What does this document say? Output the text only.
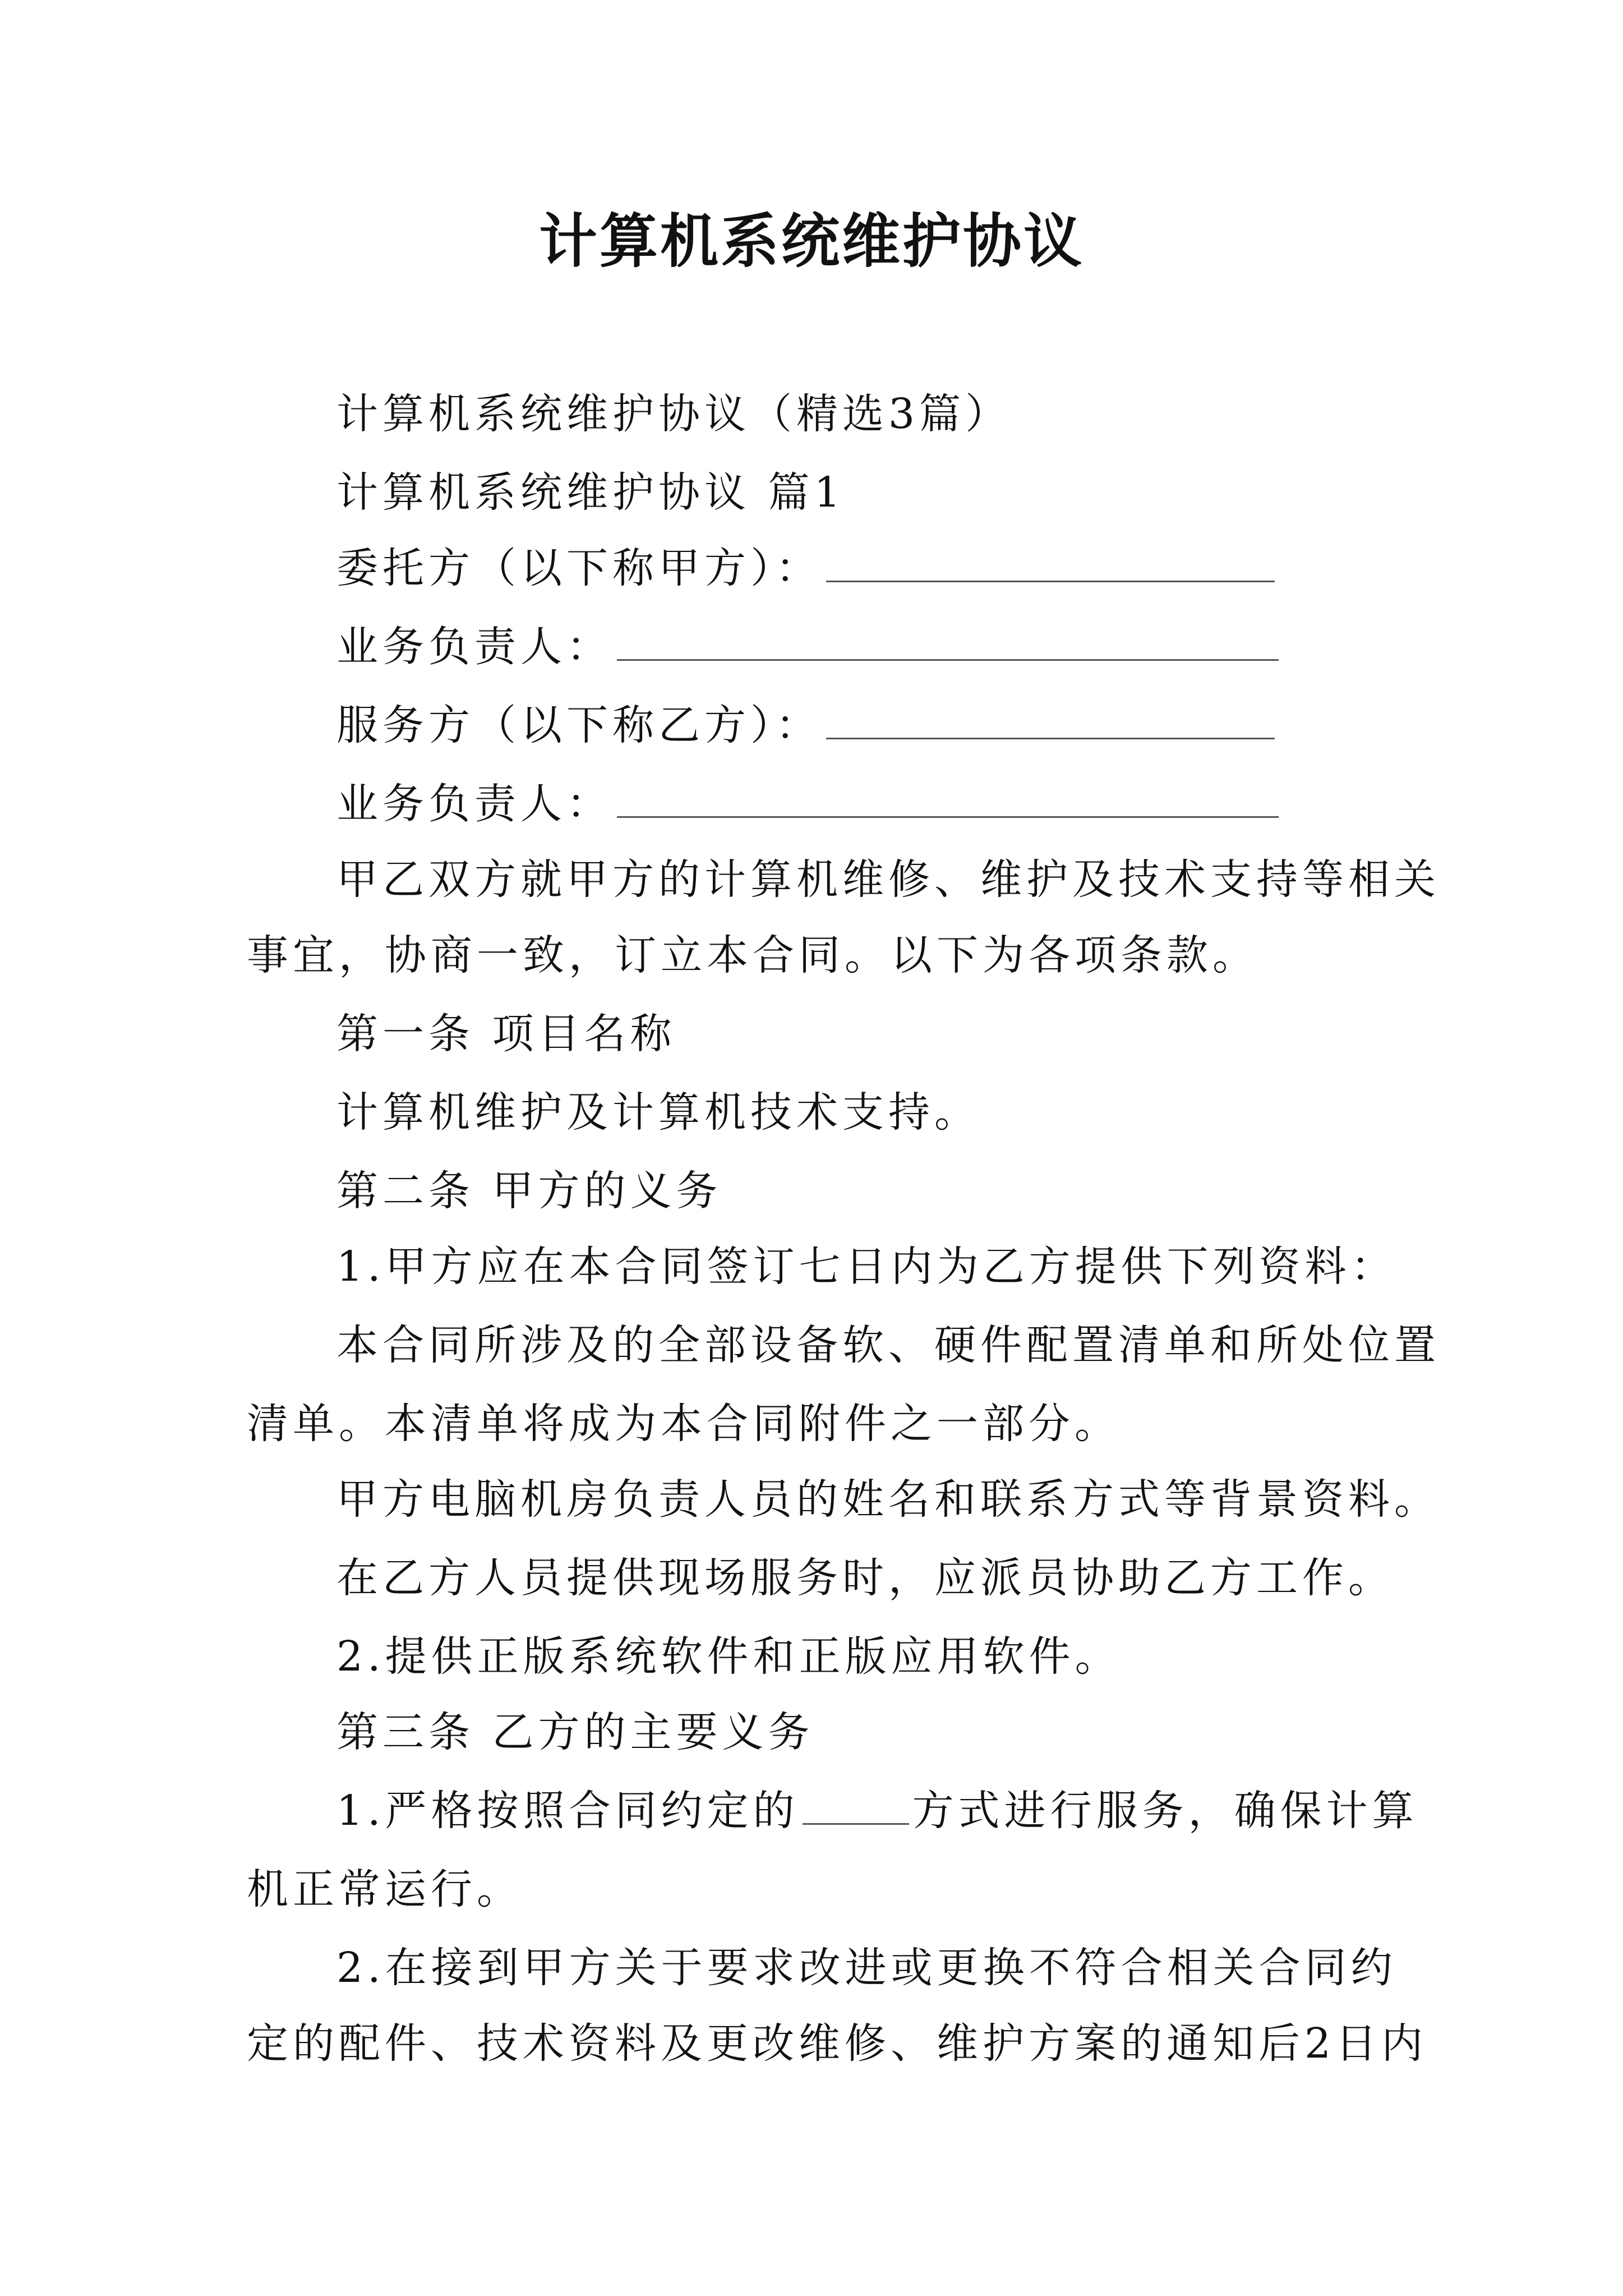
计算机系统维护协议
计算机系统维护协议（精选3篇）
计算机系统维护协议 篇1
委托方（以下称甲方）：
业务负责人：
服务方（以下称乙方）：
业务负责人：
甲乙双方就甲方的计算机维修、维护及技术支持等相关
事宜，协商一致，订立本合同。以下为各项条款。
第一条 项目名称
计算机维护及计算机技术支持。
第二条 甲方的义务
1.甲方应在本合同签订七日内为乙方提供下列资料：
本合同所涉及的全部设备软、硬件配置清单和所处位置
清单。本清单将成为本合同附件之一部分。
甲方电脑机房负责人员的姓名和联系方式等背景资料。
在乙方人员提供现场服务时，应派员协助乙方工作。
2.提供正版系统软件和正版应用软件。
第三条 乙方的主要义务
1.严格按照合同约定的	方式进行服务，确保计算
机正常运行。
2.在接到甲方关于要求改进或更换不符合相关合同约
定的配件、技术资料及更改维修、维护方案的通知后2日内
